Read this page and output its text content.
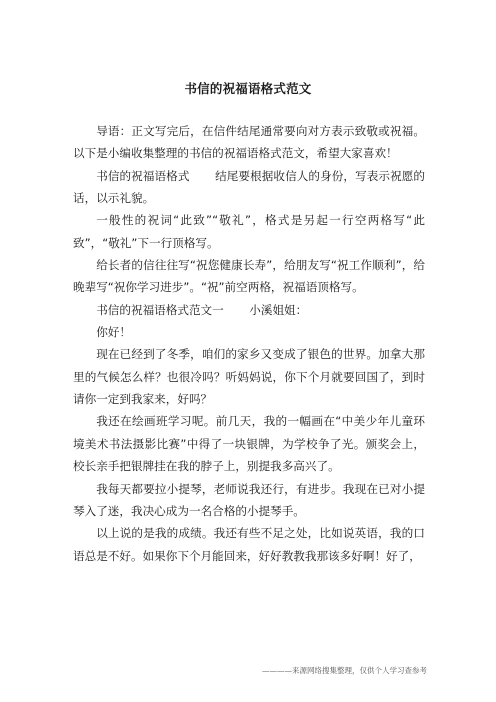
书信的祝福语格式范文

导语：正文写完后，在信件结尾通常要向对方表示致敬或祝福。以下是小编收集整理的书信的祝福语格式范文，希望大家喜欢！

书信的祝福语格式 结尾要根据收信人的身份，写表示祝愿的话，以示礼貌。

一般性的祝词“此致”“敬礼”，格式是另起一行空两格写“此致”，“敬礼”下一行顶格写。

给长者的信往往写“祝您健康长寿”，给朋友写“祝工作顺利”，给晚辈写“祝你学习进步”。“祝”前空两格，祝福语顶格写。

书信的祝福语格式范文一 小溪姐姐：

你好！

现在已经到了冬季，咱们的家乡又变成了银色的世界。加拿大那里的气候怎么样？也很冷吗？听妈妈说，你下个月就要回国了，到时请你一定到我家来，好吗？

我还在绘画班学习呢。前几天，我的一幅画在“中美少年儿童环境美术书法摄影比赛”中得了一块银牌，为学校争了光。颁奖会上，校长亲手把银牌挂在我的脖子上，别提我多高兴了。

我每天都要拉小提琴，老师说我还行，有进步。我现在已对小提琴入了迷，我决心成为一名合格的小提琴手。

以上说的是我的成绩。我还有些不足之处，比如说英语，我的口语总是不好。如果你下个月能回来，好好教教我那该多好啊！好了，

————来源网络搜集整理，仅供个人学习查参考
